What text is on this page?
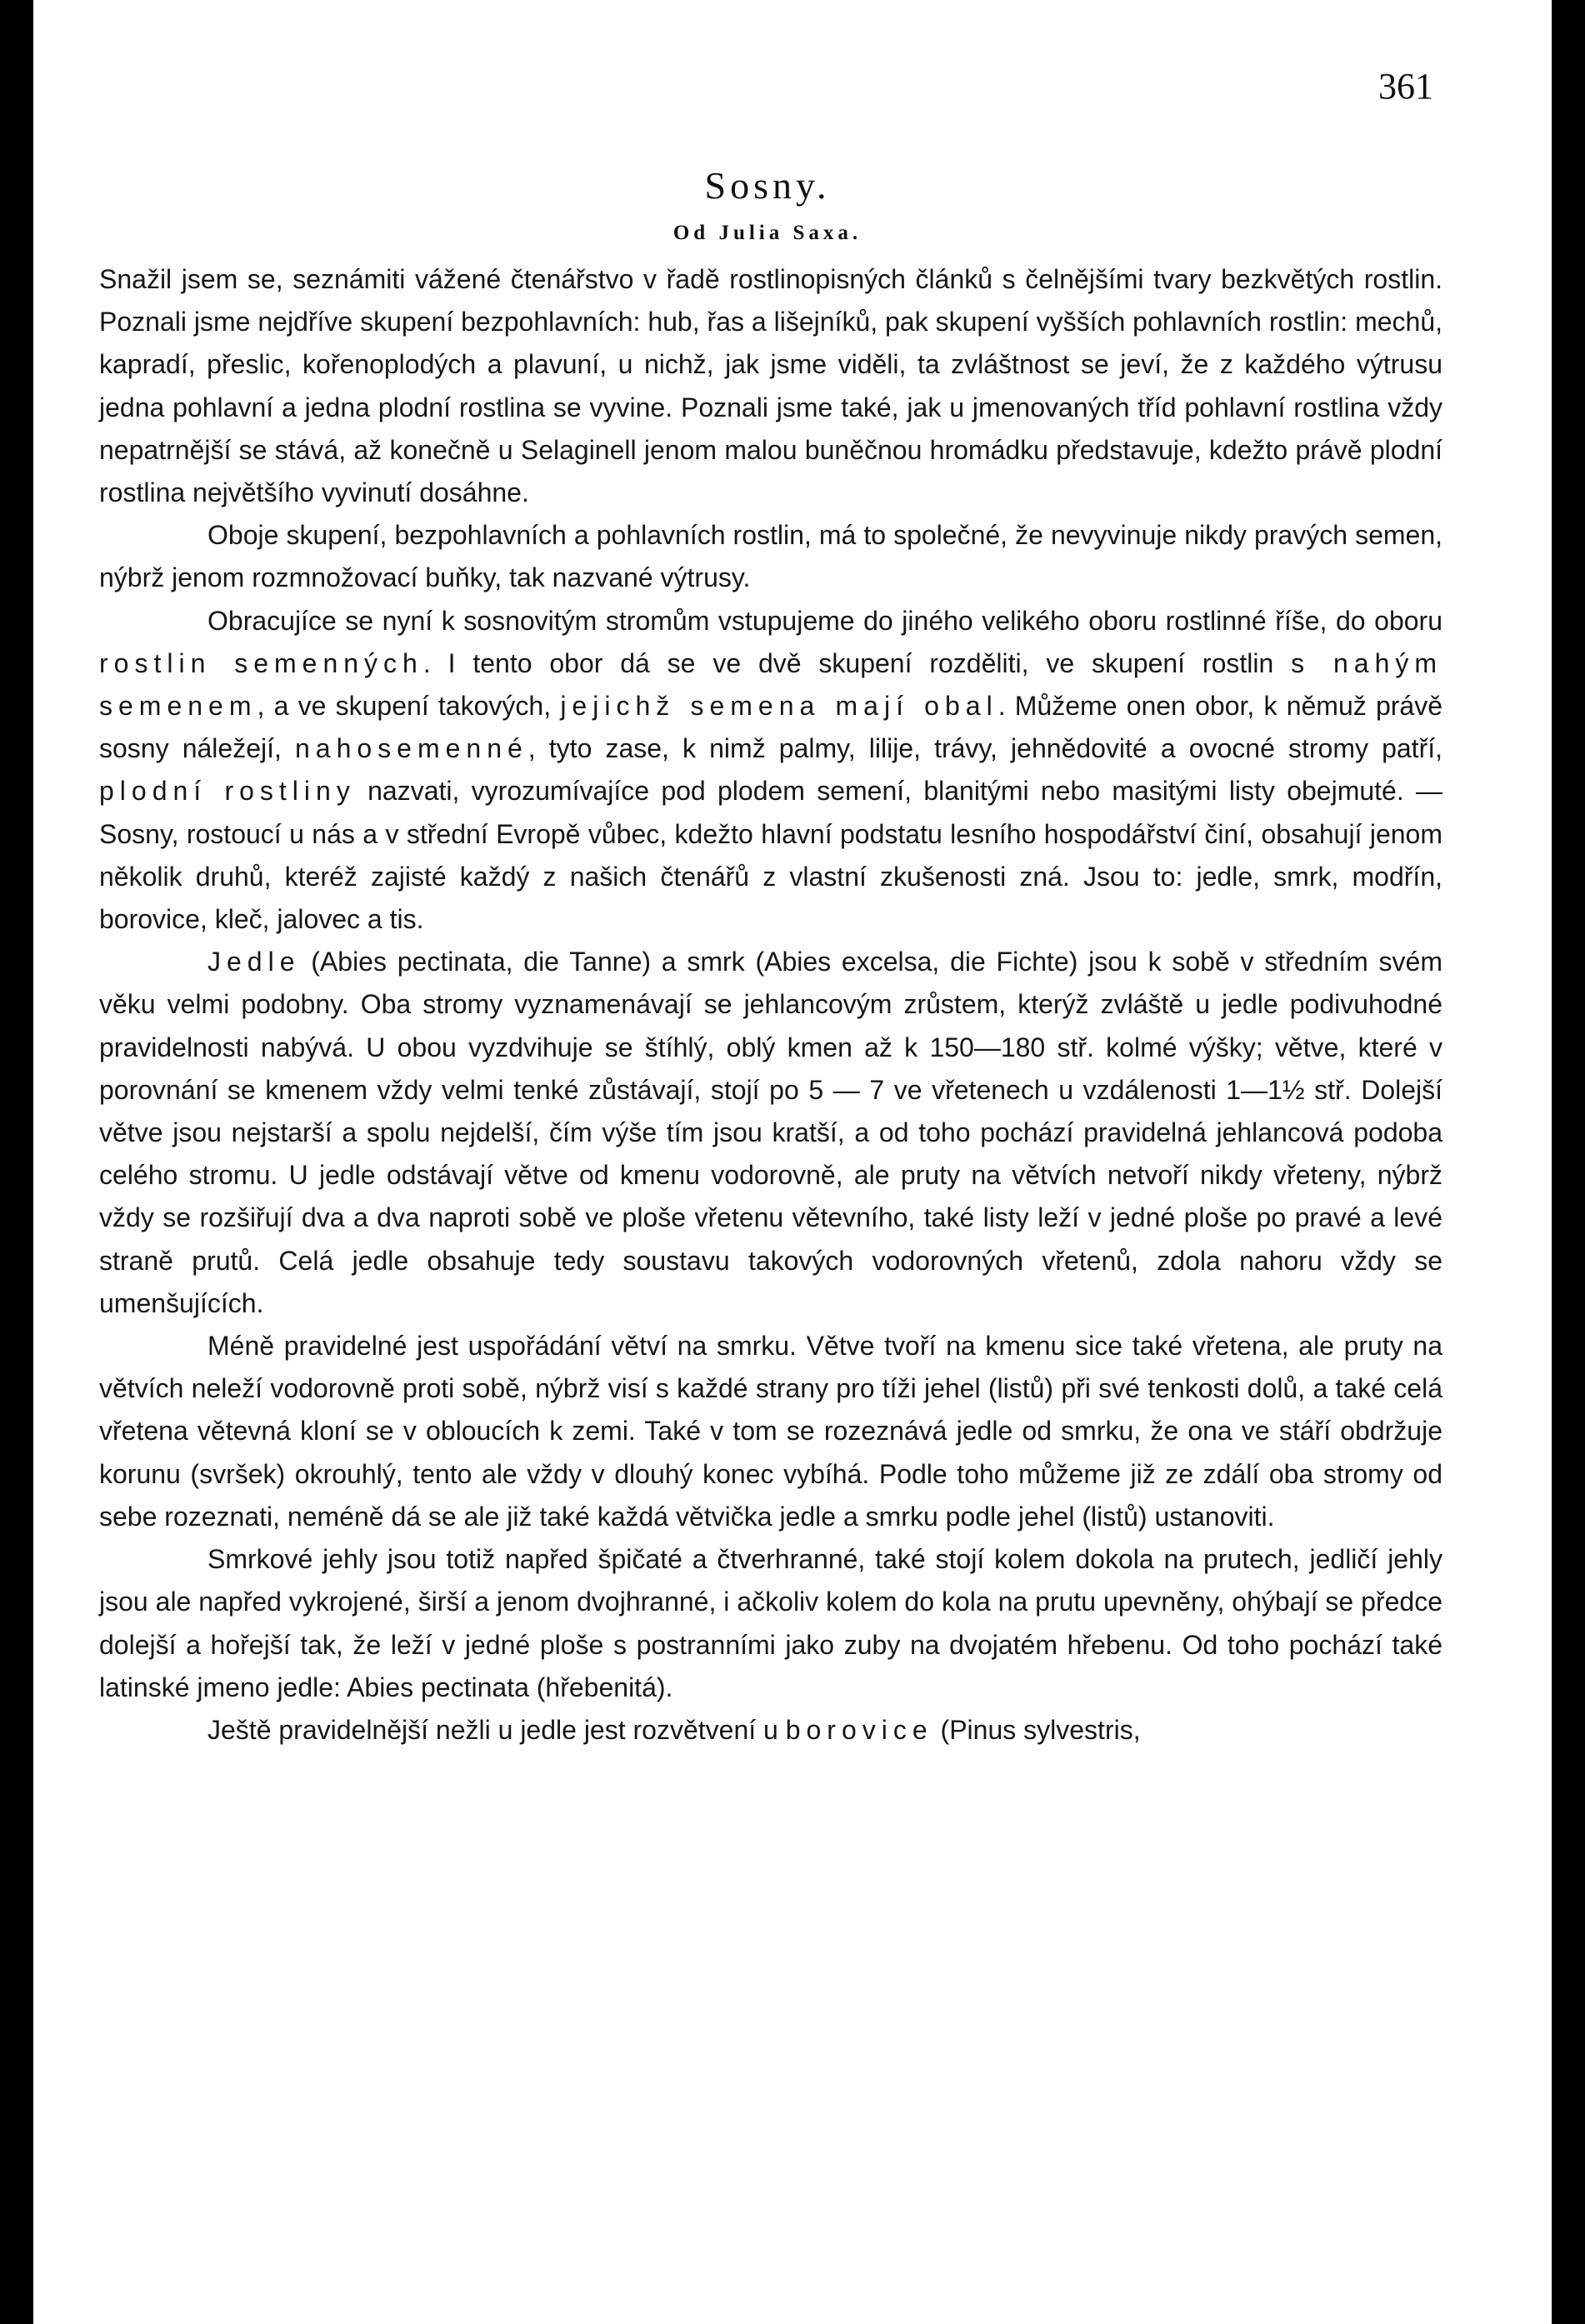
361
Sosny.
Od Julia Saxa.

Snažil jsem se, seznámiti vážené čtenářstvo v řadě rostlinopisných článků s čelnějšími tvary bezkvětých rostlin. Poznali jsme nejdříve skupení bezpohlavních: hub, řas a lišejníků, pak skupení vyšších pohlavních rostlin: mechů, kapradí, přeslic, kořenoplodých a plavuní, u nichž, jak jsme viděli, ta zvláštnost se jeví, že z každého výtrusu jedna pohlavní a jedna plodní rostlina se vyvine. Poznali jsme také, jak u jmenovaných tříd pohlavní rostlina vždy nepatrnější se stává, až konečně u Selaginell jenom malou buněčnou hromádku představuje, kdežto právě plodní rostlina největšího vyvinutí dosáhne.

Oboje skupení, bezpohlavních a pohlavních rostlin, má to společné, že nevyvinuje nikdy pravých semen, nýbrž jenom rozmnožovací buňky, tak nazvané výtrusy.

Obracujíce se nyní k sosnovitým stromům vstupujeme do jiného velikého oboru rostlinné říše, do oboru rostlin semenných. I tento obor dá se ve dvě skupení rozděliti, ve skupení rostlin s nahým semenem, a ve skupení takových, jejichž semena mají obal. Můžeme onen obor, k němuž právě sosny náležejí, nahosemenné, tyto zase, k nimž palmy, lilije, trávy, jehnědovité a ovocné stromy patří, plodní rostliny nazvati, vyrozumívajíce pod plodem semení, blanitými nebo masitými listy obejmuté. — Sosny, rostoucí u nás a v střední Evropě vůbec, kdežto hlavní podstatu lesního hospodářství činí, obsahují jenom několik druhů, kteréž zajisté každý z našich čtenářů z vlastní zkušenosti zná. Jsou to: jedle, smrk, modřín, borovice, kleč, jalovec a tis.

Jedle (Abies pectinata, die Tanne) a smrk (Abies excelsa, die Fichte) jsou k sobě v středním svém věku velmi podobny. Oba stromy vyznamenávají se jehlancovým zrůstem, kterýž zvláště u jedle podivuhodné pravidelnosti nabývá. U obou vyzdvihuje se štíhlý, oblý kmen až k 150—180 stř. kolmé výšky; větve, které v porovnání se kmenem vždy velmi tenké zůstávají, stojí po 5 — 7 ve vřetenech u vzdálenosti 1—1½ stř. Dolejší větve jsou nejstarší a spolu nejdelší, čím výše tím jsou kratší, a od toho pochází pravidelná jehlancová podoba celého stromu. U jedle odstávají větve od kmenu vodorovně, ale pruty na větvích netvoří nikdy vřeteny, nýbrž vždy se rozšiřují dva a dva naproti sobě ve ploše vřetenu větevního, také listy leží v jedné ploše po pravé a levé straně prutů. Celá jedle obsahuje tedy soustavu takových vodorovných vřetenů, zdola nahoru vždy se umenšujících.

Méně pravidelné jest uspořádání větví na smrku. Větve tvoří na kmenu sice také vřetena, ale pruty na větvích neleží vodorovně proti sobě, nýbrž visí s každé strany pro tíži jehel (listů) při své tenkosti dolů, a také celá vřetena větevná kloní se v obloucích k zemi. Také v tom se rozeznává jedle od smrku, že ona ve stáří obdržuje korunu (svršek) okrouhlý, tento ale vždy v dlouhý konec vybíhá. Podle toho můžeme již ze zdálí oba stromy od sebe rozeznati, neméně dá se ale již také každá větvička jedle a smrku podle jehel (listů) ustanoviti.

Smrkové jehly jsou totiž napřed špičaté a čtverhranné, také stojí kolem dokola na prutech, jedličí jehly jsou ale napřed vykrojené, širší a jenom dvojhranné, i ačkoliv kolem do kola na prutu upevněny, ohýbají se předce dolejší a hořejší tak, že leží v jedné ploše s postranními jako zuby na dvojatém hřebenu. Od toho pochází také latinské jmeno jedle: Abies pectinata (hřebenitá).

Ještě pravidelnější nežli u jedle jest rozvětvení u borovice (Pinus sylvestris,
